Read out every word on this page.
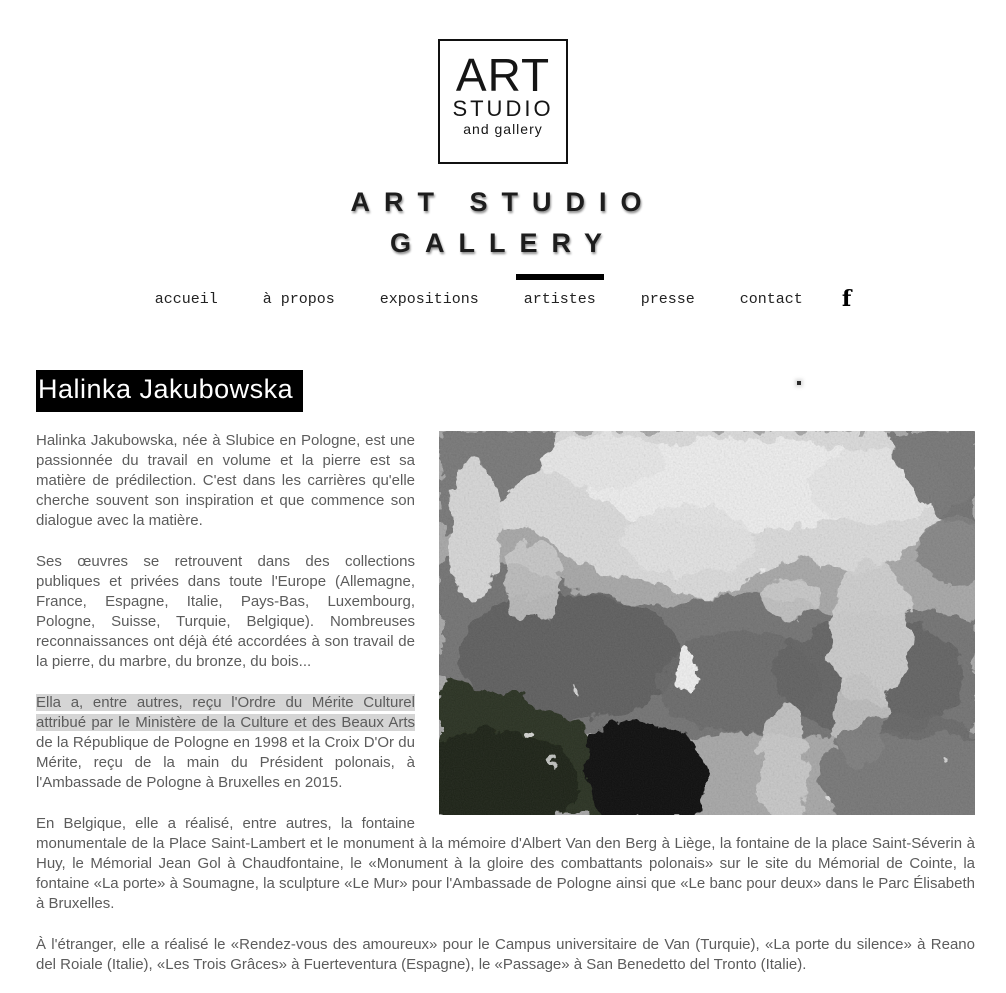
ART
STUDIO
and gallery
ART STUDIO
GALLERY
accueil	à propos	expositions	artistes	presse	contact f
Halinka Jakubowska

Halinka Jakubowska, née à Slubice en Pologne, est une passionnée du travail en volume et la pierre est sa matière de prédilection. C'est dans les carrières qu'elle cherche souvent son inspiration et que commence son dialogue avec la matière.

Ses œuvres se retrouvent dans des collections publiques et privées dans toute l'Europe (Allemagne, France, Espagne, Italie, Pays-Bas, Luxembourg, Pologne, Suisse, Turquie, Belgique). Nombreuses reconnaissances ont déjà été accordées à son travail de la pierre, du marbre, du bronze, du bois...

Ella a, entre autres, reçu l'Ordre du Mérite Culturel attribué par le Ministère de la Culture et des Beaux Arts de la République de Pologne en 1998 et la Croix D'Or du Mérite, reçu de la main du Président polonais, à l'Ambassade de Pologne à Bruxelles en 2015.

En Belgique, elle a réalisé, entre autres, la fontaine monumentale de la Place Saint-Lambert et le monument à la mémoire d'Albert Van den Berg à Liège, la fontaine de la place Saint-Séverin à Huy, le Mémorial Jean Gol à Chaudfontaine, le «Monument à la gloire des combattants polonais» sur le site du Mémorial de Cointe, la fontaine «La porte» à Soumagne, la sculpture «Le Mur» pour l'Ambassade de Pologne ainsi que «Le banc pour deux» dans le Parc Élisabeth à Bruxelles.

À l'étranger, elle a réalisé le «Rendez-vous des amoureux» pour le Campus universitaire de Van (Turquie), «La porte du silence» à Reano del Roiale (Italie), «Les Trois Grâces» à Fuerteventura (Espagne), le «Passage» à San Benedetto del Tronto (Italie).
